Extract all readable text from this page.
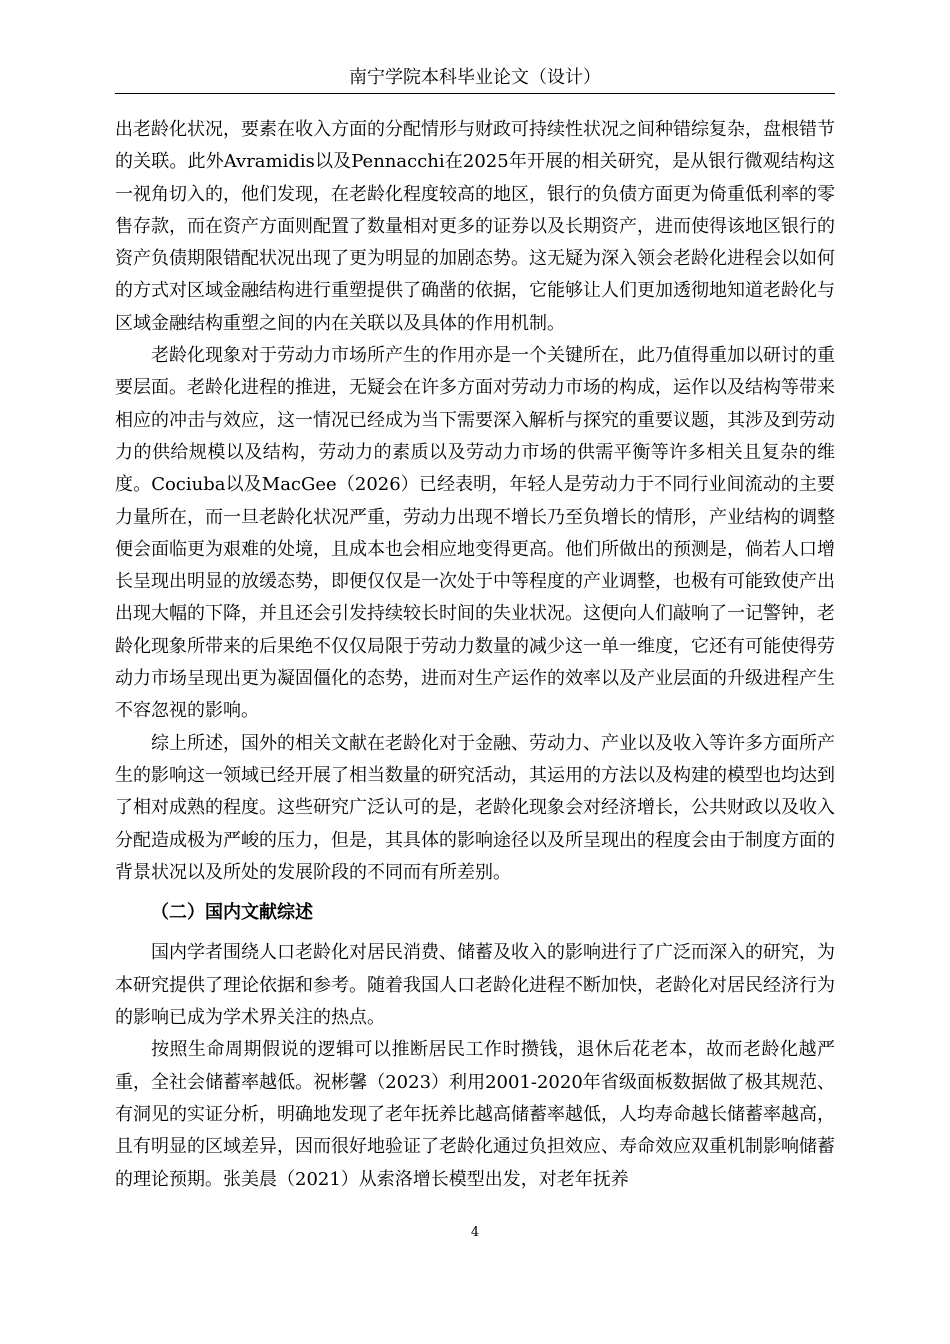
南宁学院本科毕业论文（设计）

出老龄化状况，要素在收入方面的分配情形与财政可持续性状况之间种错综复杂，盘根错节的关联。此外Avramidis以及Pennacchi在2025年开展的相关研究，是从银行微观结构这一视角切入的，他们发现，在老龄化程度较高的地区，银行的负债方面更为倚重低利率的零售存款，而在资产方面则配置了数量相对更多的证券以及长期资产，进而使得该地区银行的资产负债期限错配状况出现了更为明显的加剧态势。这无疑为深入领会老龄化进程会以如何的方式对区域金融结构进行重塑提供了确凿的依据，它能够让人们更加透彻地知道老龄化与区域金融结构重塑之间的内在关联以及具体的作用机制。

老龄化现象对于劳动力市场所产生的作用亦是一个关键所在，此乃值得重加以研讨的重要层面。老龄化进程的推进，无疑会在许多方面对劳动力市场的构成，运作以及结构等带来相应的冲击与效应，这一情况已经成为当下需要深入解析与探究的重要议题，其涉及到劳动力的供给规模以及结构，劳动力的素质以及劳动力市场的供需平衡等许多相关且复杂的维度。Cociuba以及MacGee（2026）已经表明，年轻人是劳动力于不同行业间流动的主要力量所在，而一旦老龄化状况严重，劳动力出现不增长乃至负增长的情形，产业结构的调整便会面临更为艰难的处境，且成本也会相应地变得更高。他们所做出的预测是，倘若人口增长呈现出明显的放缓态势，即便仅仅是一次处于中等程度的产业调整，也极有可能致使产出出现大幅的下降，并且还会引发持续较长时间的失业状况。这便向人们敲响了一记警钟，老龄化现象所带来的后果绝不仅仅局限于劳动力数量的减少这一单一维度，它还有可能使得劳动力市场呈现出更为凝固僵化的态势，进而对生产运作的效率以及产业层面的升级进程产生不容忽视的影响。

综上所述，国外的相关文献在老龄化对于金融、劳动力、产业以及收入等许多方面所产生的影响这一领域已经开展了相当数量的研究活动，其运用的方法以及构建的模型也均达到了相对成熟的程度。这些研究广泛认可的是，老龄化现象会对经济增长，公共财政以及收入分配造成极为严峻的压力，但是，其具体的影响途径以及所呈现出的程度会由于制度方面的背景状况以及所处的发展阶段的不同而有所差别。

（二）国内文献综述

国内学者围绕人口老龄化对居民消费、储蓄及收入的影响进行了广泛而深入的研究，为本研究提供了理论依据和参考。随着我国人口老龄化进程不断加快，老龄化对居民经济行为的影响已成为学术界关注的热点。

按照生命周期假说的逻辑可以推断居民工作时攒钱，退休后花老本，故而老龄化越严重，全社会储蓄率越低。祝彬馨（2023）利用2001-2020年省级面板数据做了极其规范、有洞见的实证分析，明确地发现了老年抚养比越高储蓄率越低，人均寿命越长储蓄率越高，且有明显的区域差异，因而很好地验证了老龄化通过负担效应、寿命效应双重机制影响储蓄的理论预期。张美晨（2021）从索洛增长模型出发，对老年抚养

4
